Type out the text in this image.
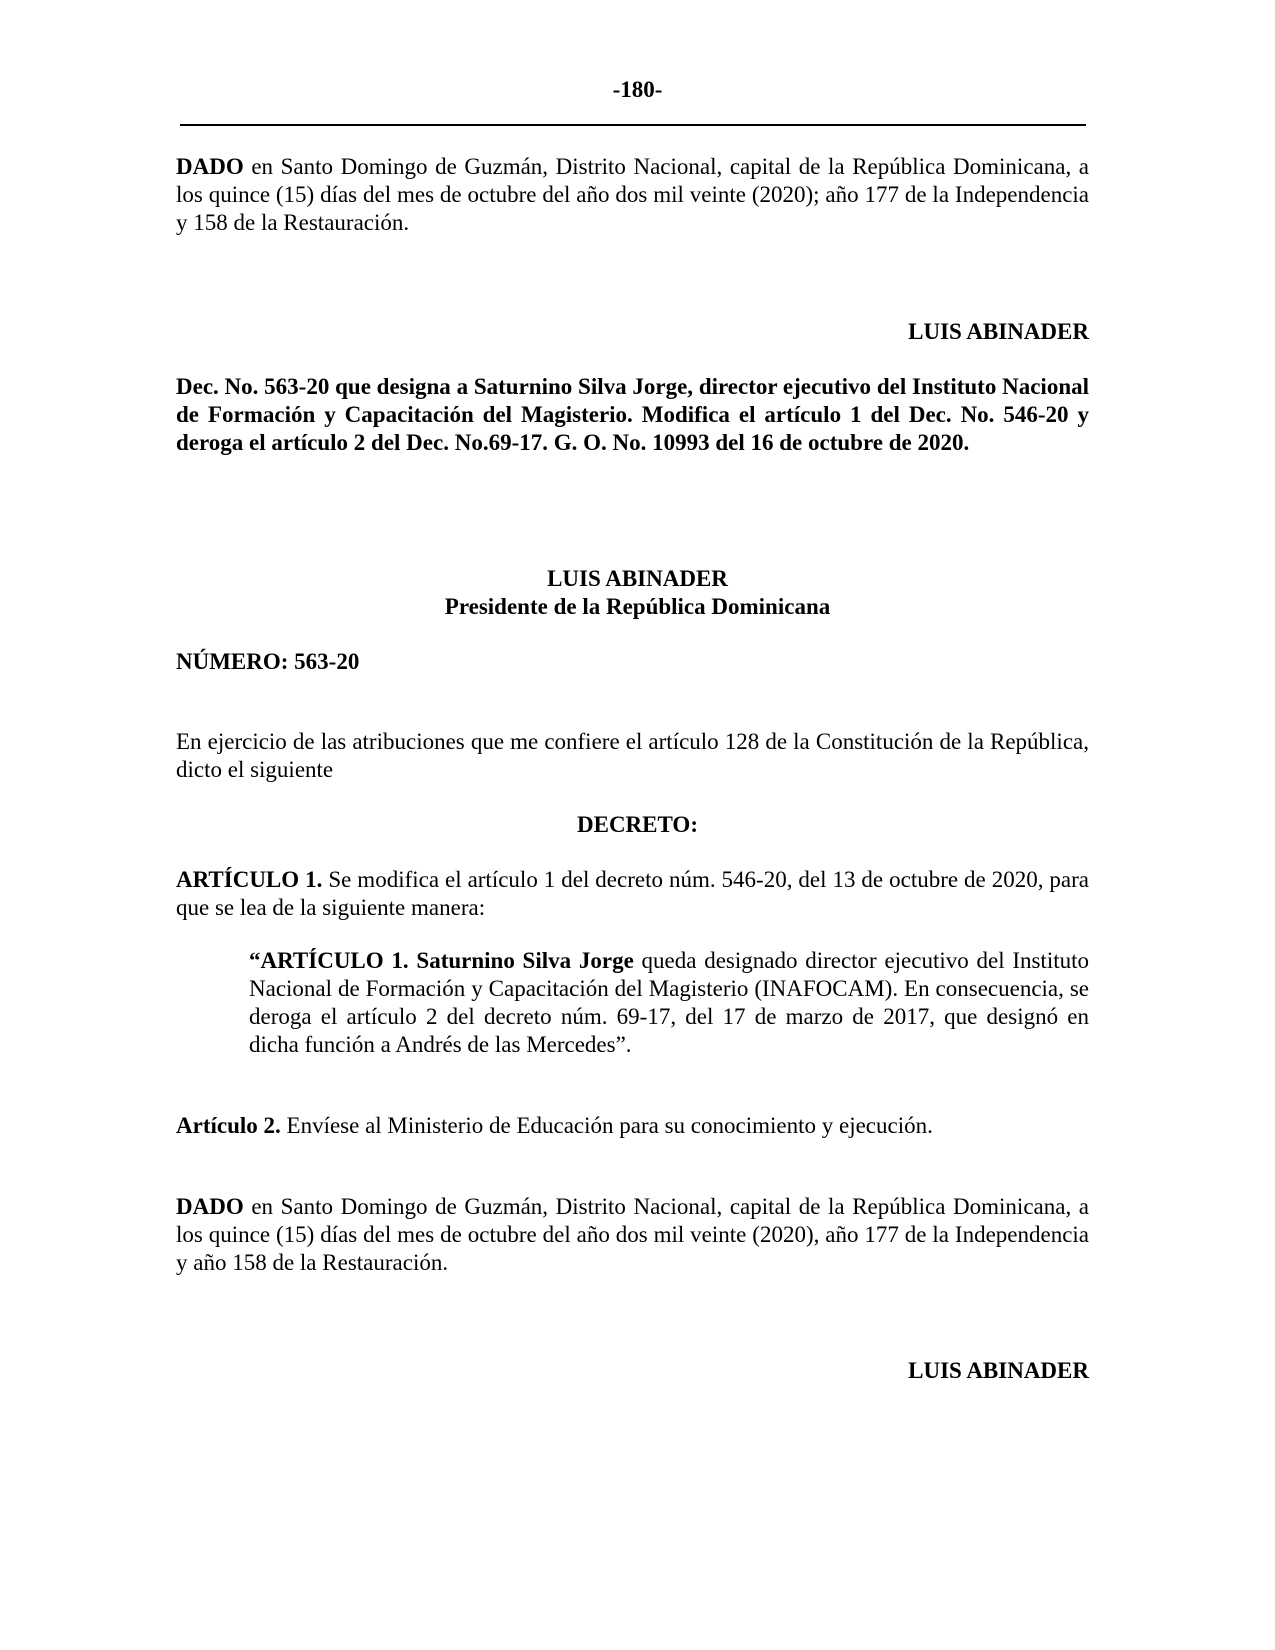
-180-
DADO en Santo Domingo de Guzmán, Distrito Nacional, capital de la República Dominicana, a los quince (15) días del mes de octubre del año dos mil veinte (2020); año 177 de la Independencia y 158 de la Restauración.
LUIS ABINADER
Dec. No. 563-20 que designa a Saturnino Silva Jorge, director ejecutivo del Instituto Nacional de Formación y Capacitación del Magisterio. Modifica el artículo 1 del Dec. No. 546-20 y deroga el artículo 2 del Dec. No.69-17. G. O. No. 10993 del 16 de octubre de 2020.
LUIS ABINADER
Presidente de la República Dominicana
NÚMERO: 563-20
En ejercicio de las atribuciones que me confiere el artículo 128 de la Constitución de la República, dicto el siguiente
DECRETO:
ARTÍCULO 1. Se modifica el artículo 1 del decreto núm. 546-20, del 13 de octubre de 2020, para que se lea de la siguiente manera:
“ARTÍCULO 1. Saturnino Silva Jorge queda designado director ejecutivo del Instituto Nacional de Formación y Capacitación del Magisterio (INAFOCAM). En consecuencia, se deroga el artículo 2 del decreto núm. 69-17, del 17 de marzo de 2017, que designó en dicha función a Andrés de las Mercedes”.
Artículo 2. Envíese al Ministerio de Educación para su conocimiento y ejecución.
DADO en Santo Domingo de Guzmán, Distrito Nacional, capital de la República Dominicana, a los quince (15) días del mes de octubre del año dos mil veinte (2020), año 177 de la Independencia y año 158 de la Restauración.
LUIS ABINADER
